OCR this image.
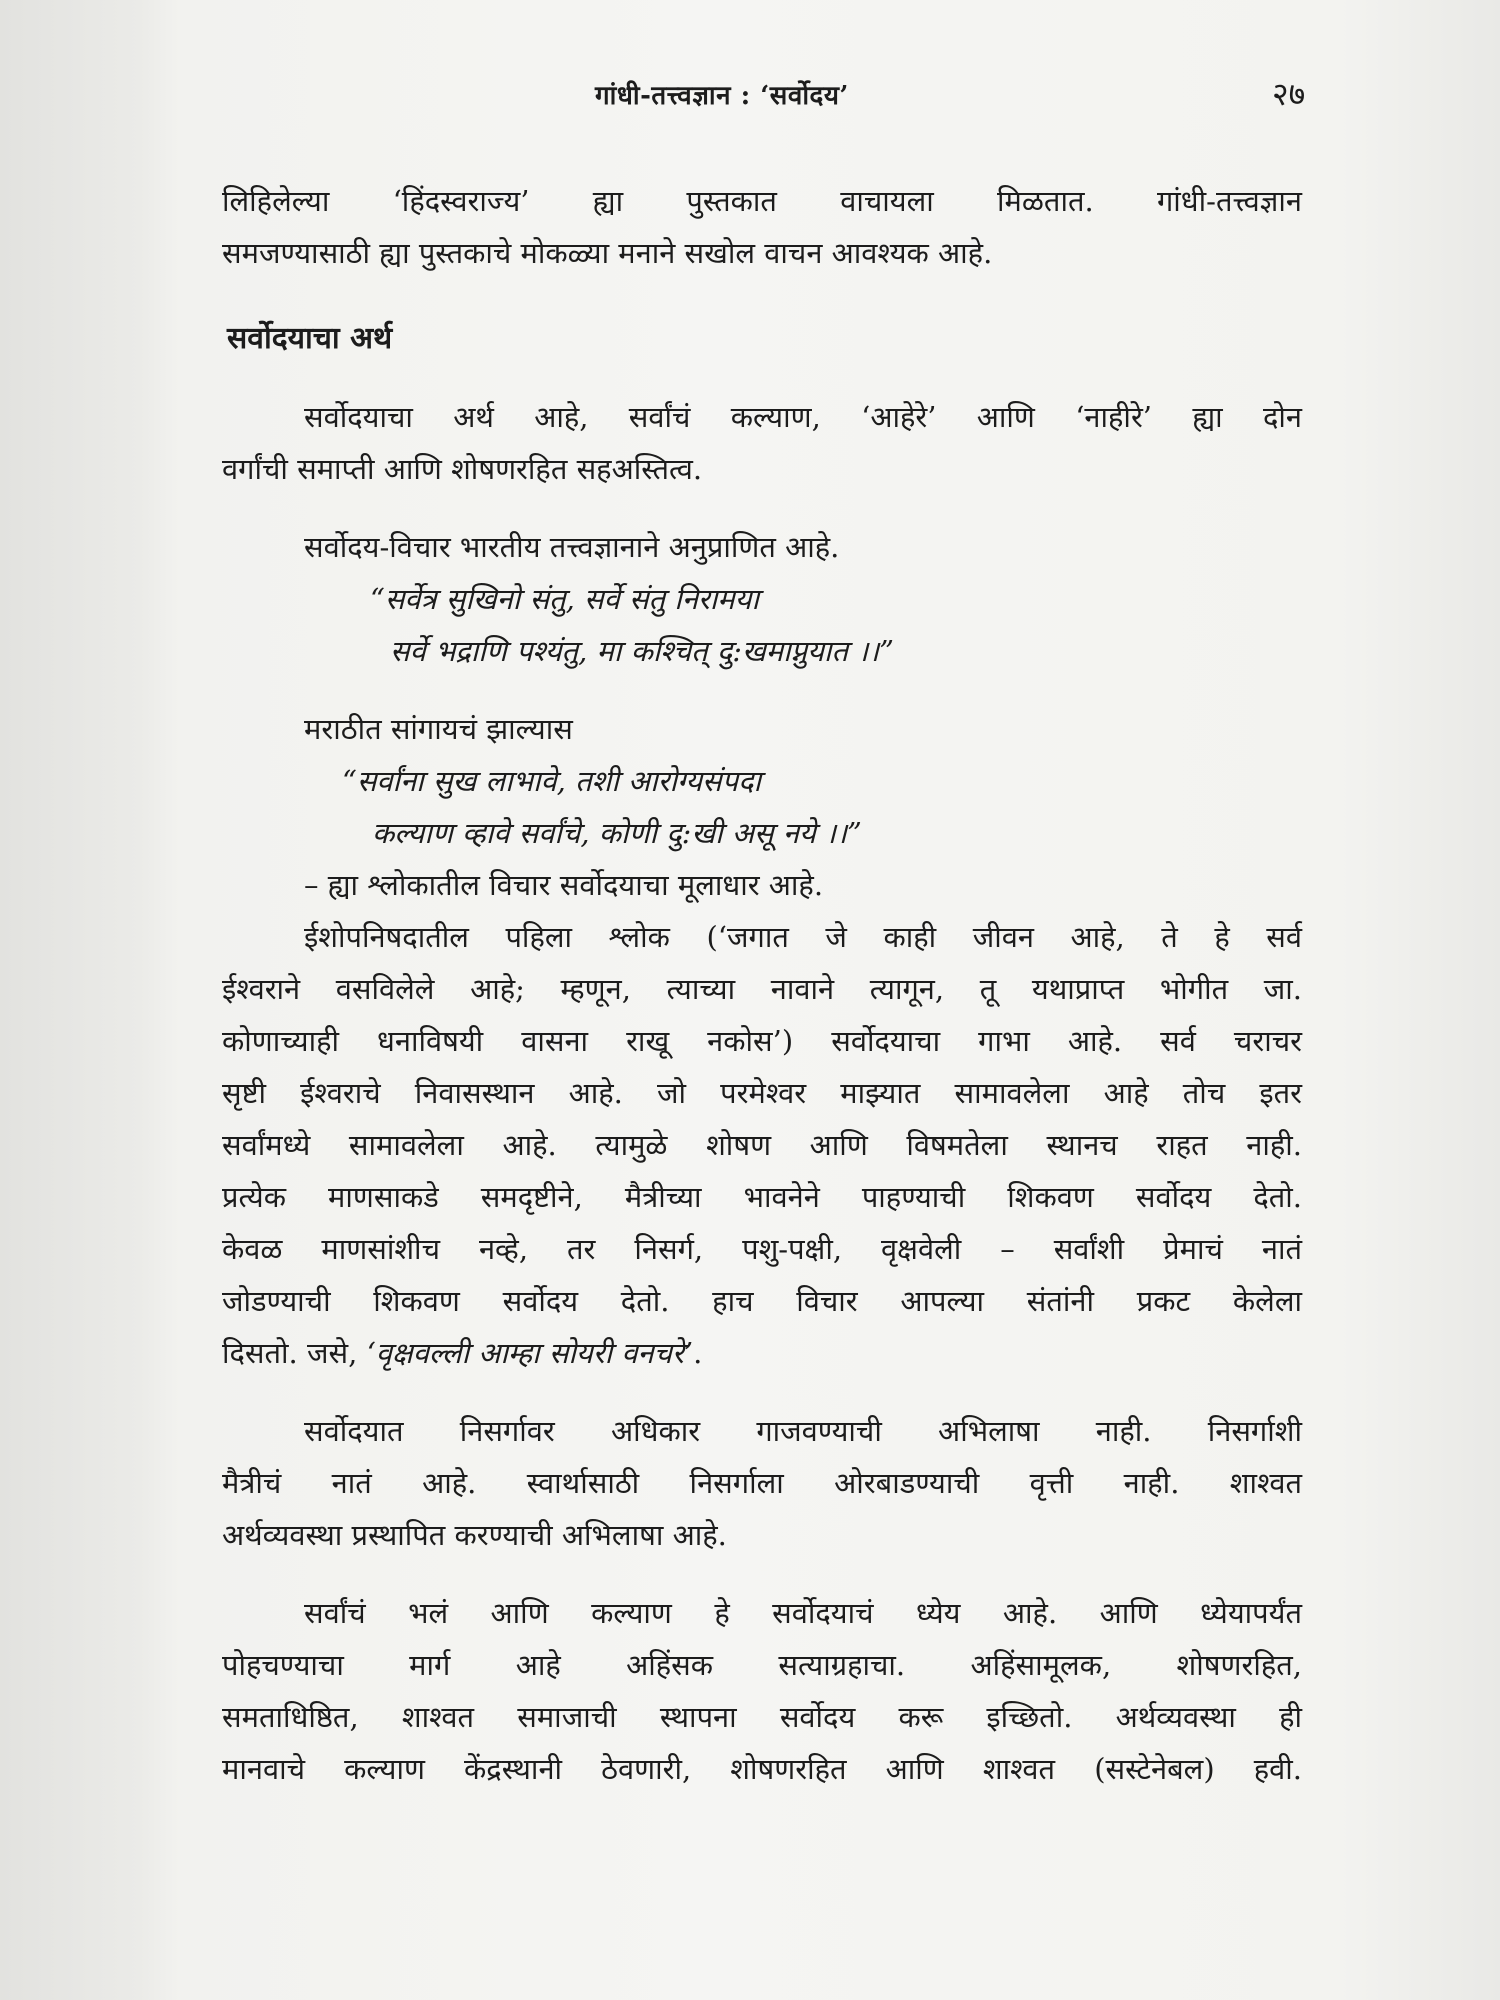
गांधी-तत्त्वज्ञान : ‘सर्वोदय’	२७
लिहिलेल्या ‘हिंदस्वराज्य’ ह्या पुस्तकात वाचायला मिळतात. गांधी-तत्त्वज्ञान
समजण्यासाठी ह्या पुस्तकाचे मोकळ्या मनाने सखोल वाचन आवश्यक आहे.
सर्वोदयाचा अर्थ
सर्वोदयाचा अर्थ आहे, सर्वांचं कल्याण, ‘आहेरे’ आणि ‘नाहीरे’ ह्या दोन
वर्गांची समाप्ती आणि शोषणरहित सहअस्तित्व.
सर्वोदय-विचार भारतीय तत्त्वज्ञानाने अनुप्राणित आहे.
“सर्वेत्र सुखिनो संतु, सर्वे संतु निरामया
सर्वे भद्राणि पश्यंतु, मा कश्चित् दु:खमाप्नुयात ।।”
मराठीत सांगायचं झाल्यास
“सर्वांना सुख लाभावे, तशी आरोग्यसंपदा
कल्याण व्हावे सर्वांचे, कोणी दु:खी असू नये ।।”
– ह्या श्लोकातील विचार सर्वोदयाचा मूलाधार आहे.
ईशोपनिषदातील पहिला श्लोक (‘जगात जे काही जीवन आहे, ते हे सर्व
ईश्वराने वसविलेले आहे; म्हणून, त्याच्या नावाने त्यागून, तू यथाप्राप्त भोगीत जा.
कोणाच्याही धनाविषयी वासना राखू नकोस’) सर्वोदयाचा गाभा आहे. सर्व चराचर
सृष्टी ईश्वराचे निवासस्थान आहे. जो परमेश्वर माझ्यात सामावलेला आहे तोच इतर
सर्वांमध्ये सामावलेला आहे. त्यामुळे शोषण आणि विषमतेला स्थानच राहत नाही.
प्रत्येक माणसाकडे समदृष्टीने, मैत्रीच्या भावनेने पाहण्याची शिकवण सर्वोदय देतो.
केवळ माणसांशीच नव्हे, तर निसर्ग, पशु-पक्षी, वृक्षवेली – सर्वांशी प्रेमाचं नातं
जोडण्याची शिकवण सर्वोदय देतो. हाच विचार आपल्या संतांनी प्रकट केलेला
दिसतो. जसे, ‘वृक्षवल्ली आम्हा सोयरी वनचरे’.
सर्वोदयात निसर्गावर अधिकार गाजवण्याची अभिलाषा नाही. निसर्गाशी
मैत्रीचं नातं आहे. स्वार्थासाठी निसर्गाला ओरबाडण्याची वृत्ती नाही. शाश्वत
अर्थव्यवस्था प्रस्थापित करण्याची अभिलाषा आहे.
सर्वांचं भलं आणि कल्याण हे सर्वोदयाचं ध्येय आहे. आणि ध्येयापर्यंत
पोहचण्याचा मार्ग आहे अहिंसक सत्याग्रहाचा. अहिंसामूलक, शोषणरहित,
समताधिष्ठित, शाश्वत समाजाची स्थापना सर्वोदय करू इच्छितो. अर्थव्यवस्था ही
मानवाचे कल्याण केंद्रस्थानी ठेवणारी, शोषणरहित आणि शाश्वत (सस्टेनेबल) हवी.
